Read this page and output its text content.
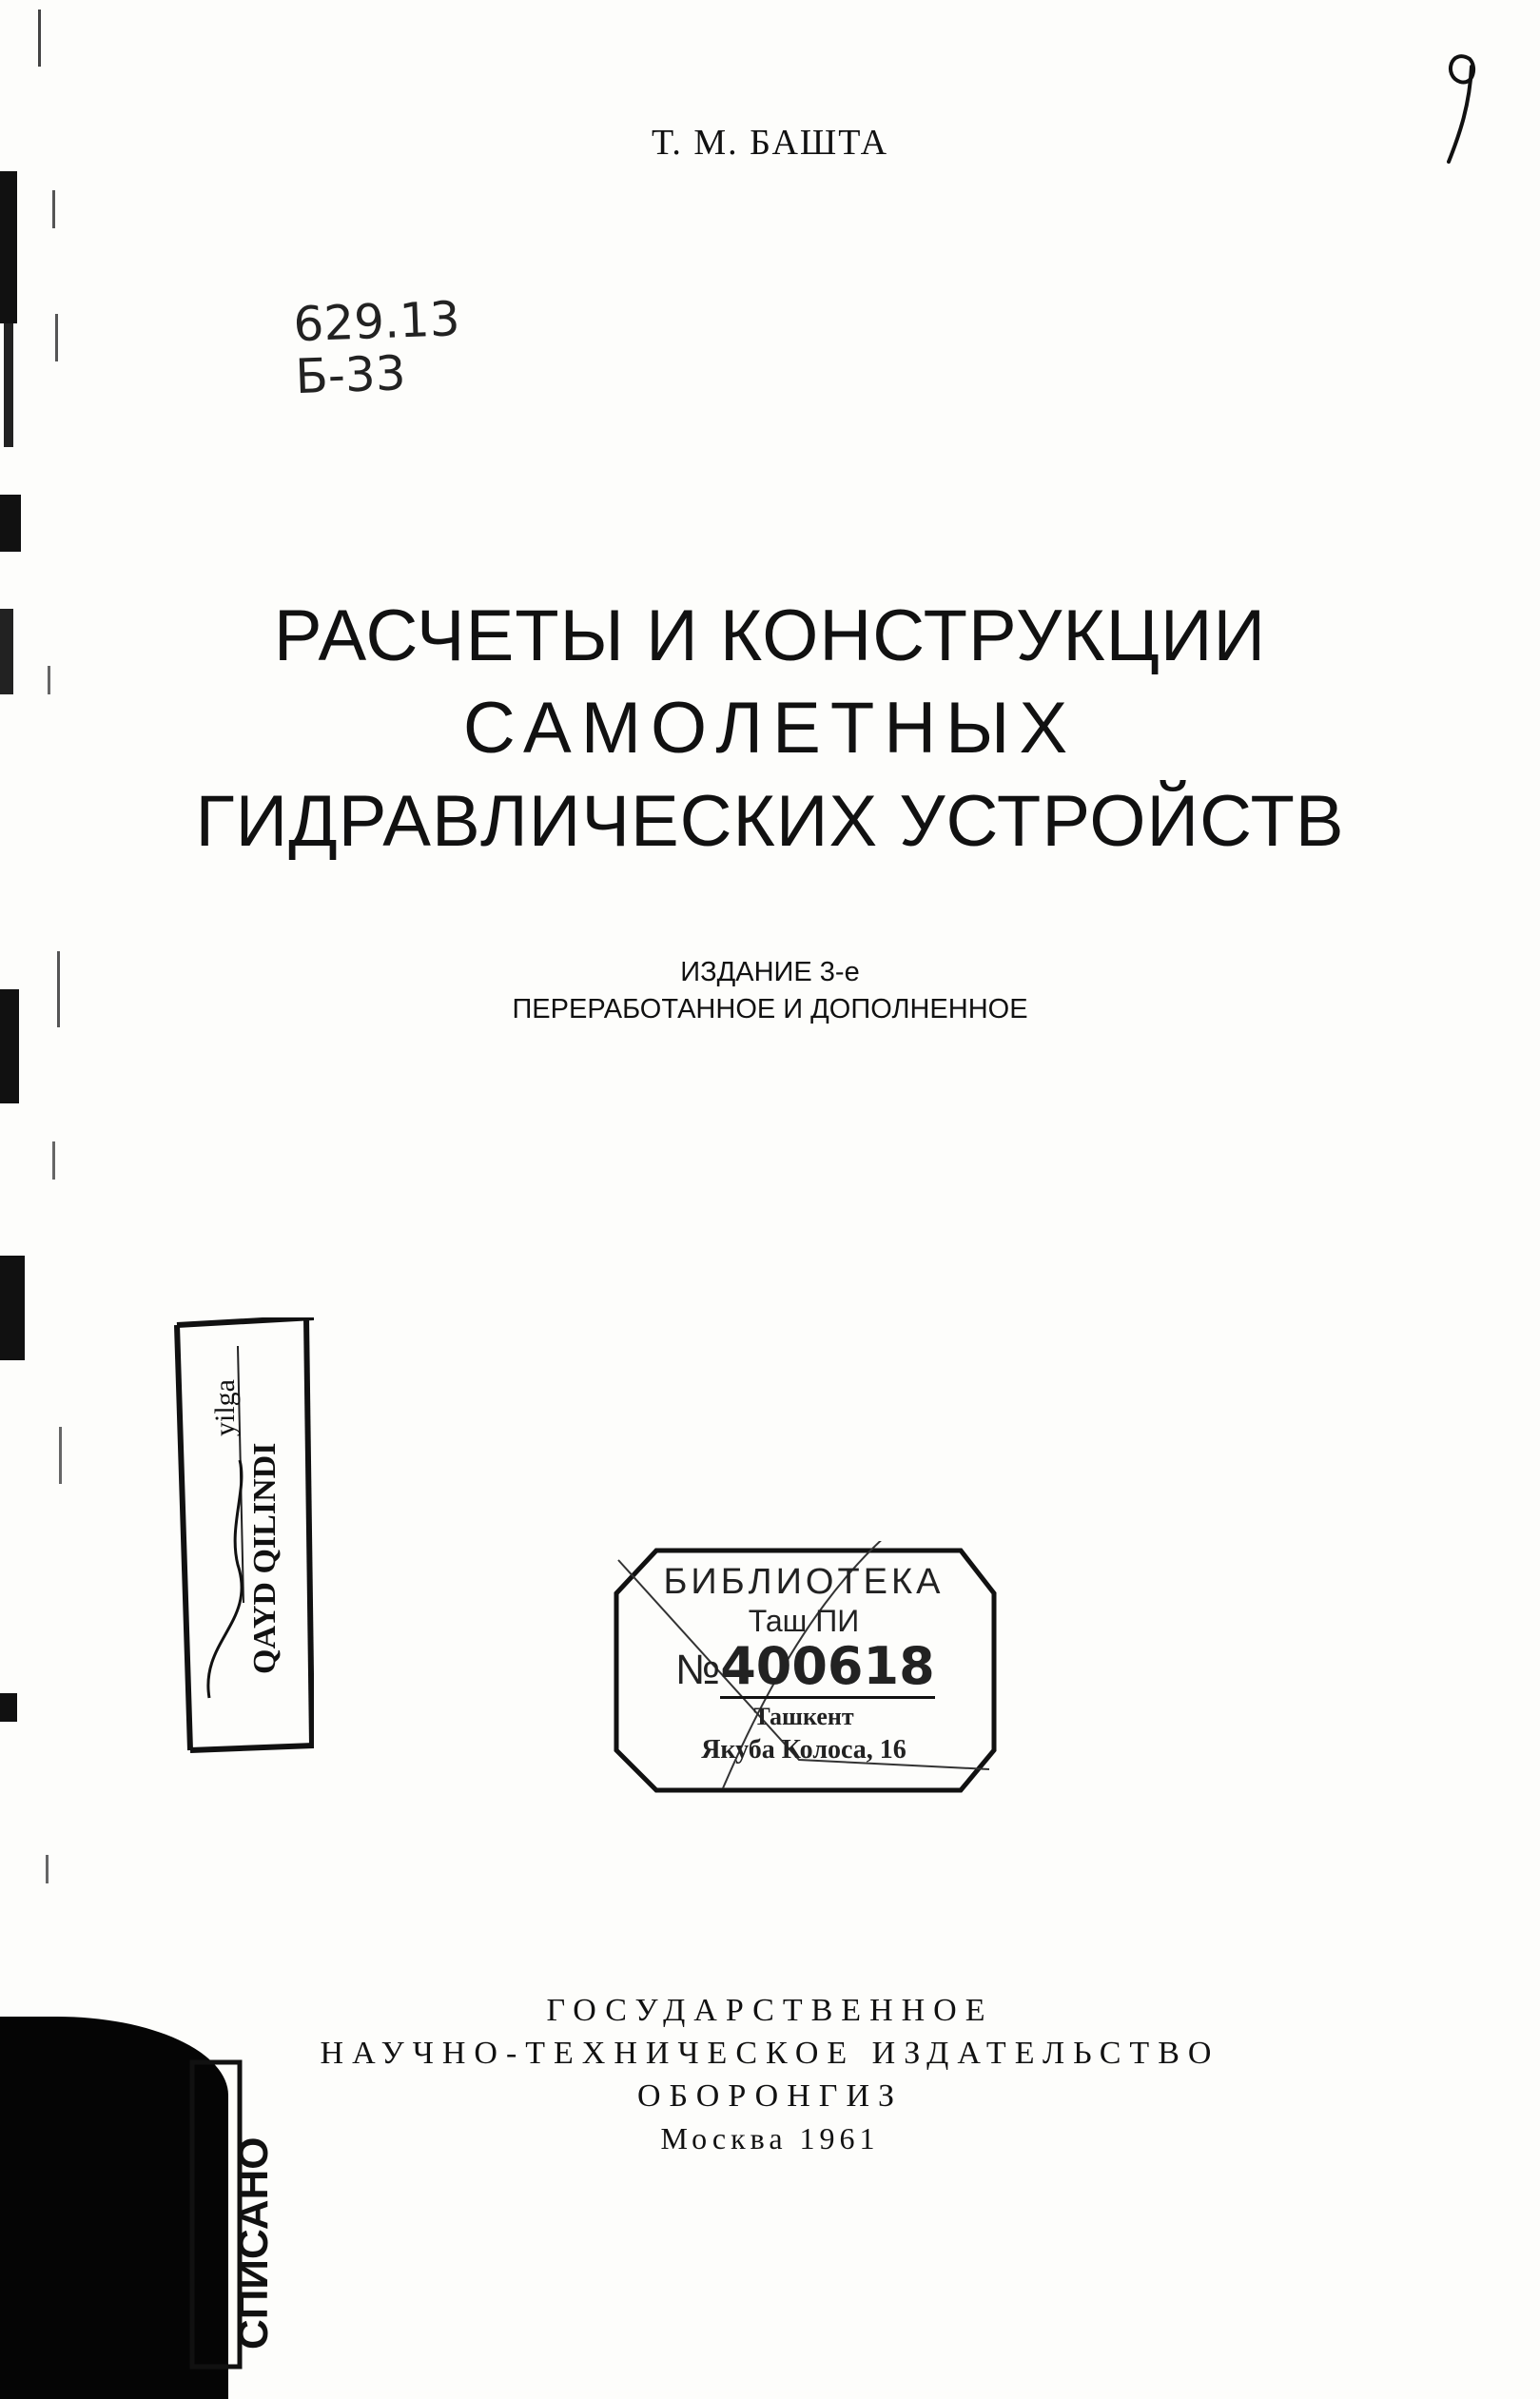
Т. М. БАШТА
629.13
Б-33
РАСЧЕТЫ И КОНСТРУКЦИИ
САМОЛЕТНЫХ
ГИДРАВЛИЧЕСКИХ УСТРОЙСТВ
ИЗДАНИЕ 3-е
ПЕРЕРАБОТАННОЕ И ДОПОЛНЕННОЕ
QAYD QILINDI
yilga
БИБЛИОТЕКА
Таш ПИ
№400618
Ташкент
Якуба Колоса, 16
ГОСУДАРСТВЕННОЕ
НАУЧНО-ТЕХНИЧЕСКОЕ ИЗДАТЕЛЬСТВО
ОБОРОНГИЗ
Москва 1961
СПИСАНО
